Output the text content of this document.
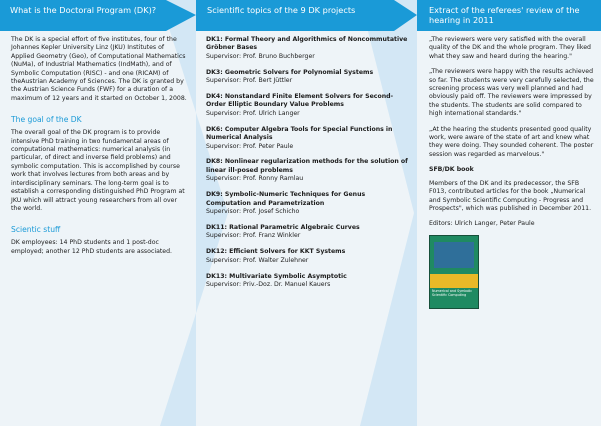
What is the Doctoral Program (DK)?

The DK is a special effort of five institutes, four of the Johannes Kepler University Linz (JKU) Institutes of Applied Geometry (Geo), of Computational Mathematics (NuMa), of Industrial Mathematics (IndMath), and of Symbolic Computation (RISC) - and one (RICAM) of theAustrian Academy of Sciences. The DK is granted by the Austrian Science Funds (FWF) for a duration of a maximum of 12 years and it started on October 1, 2008.

The goal of the DK

The overall goal of the DK program is to provide intensive PhD training in two fundamental areas of computational mathematics: numerical analysis (in particular, of direct and inverse field problems) and symbolic computation. This is accomplished by course work that involves lectures from both areas and by interdisciplinary seminars. The long-term goal is to establish a corresponding distinguished PhD Program at JKU which will attract young researchers from all over the world.

Scientic stuff

DK employees: 14 PhD students and 1 post-doc employed; another 12 PhD students are associated.

Scientific topics of the 9 DK projects
DK1: Formal Theory and Algorithmics of Noncommutative Gröbner Bases
Supervisor: Prof. Bruno Buchberger
DK3: Geometric Solvers for Polynomial Systems
Supervisor: Prof. Bert Jüttler
DK4: Nonstandard Finite Element Solvers for Second-Order Elliptic Boundary Value Problems
Supervisor: Prof. Ulrich Langer
DK6: Computer Algebra Tools for Special Functions in Numerical Analysis
Supervisor: Prof. Peter Paule
DK8: Nonlinear regularization methods for the solution of linear ill-posed problems
Supervisor: Prof. Ronny Ramlau
DK9: Symbolic-Numeric Techniques for Genus Computation and Parametrization
Supervisor: Prof. Josef Schicho
DK11: Rational Parametric Algebraic Curves
Supervisor: Prof. Franz Winkler
DK12: Efficient Solvers for KKT Systems
Supervisor: Prof. Walter Zulehner
DK13: Multivariate Symbolic Asymptotic
Supervisor: Priv.-Doz. Dr. Manuel Kauers
Extract of the referees' review of the hearing in 2011

„The reviewers were very satisfied with the overall quality of the DK and the whole program. They liked what they saw and heard during the hearing."

„The reviewers were happy with the results achieved so far. The students were very carefully selected, the screening process was very well planned and had obviously paid off. The reviewers were impressed by the students. The students are solid compared to high international standards."

„At the hearing the students presented good quality work, were aware of the state of art and knew what they were doing. They sounded coherent. The poster session was regarded as marvelous."

SFB/DK book

Members of the DK and its predecessor, the SFB F013, contributed articles for the book „Numerical and Symbolic Scientific Computing - Progress and Prospects", which was published in December 2011.

Editors: Ulrich Langer, Peter Paule
Numerical and Symbolic Scientific Computing
